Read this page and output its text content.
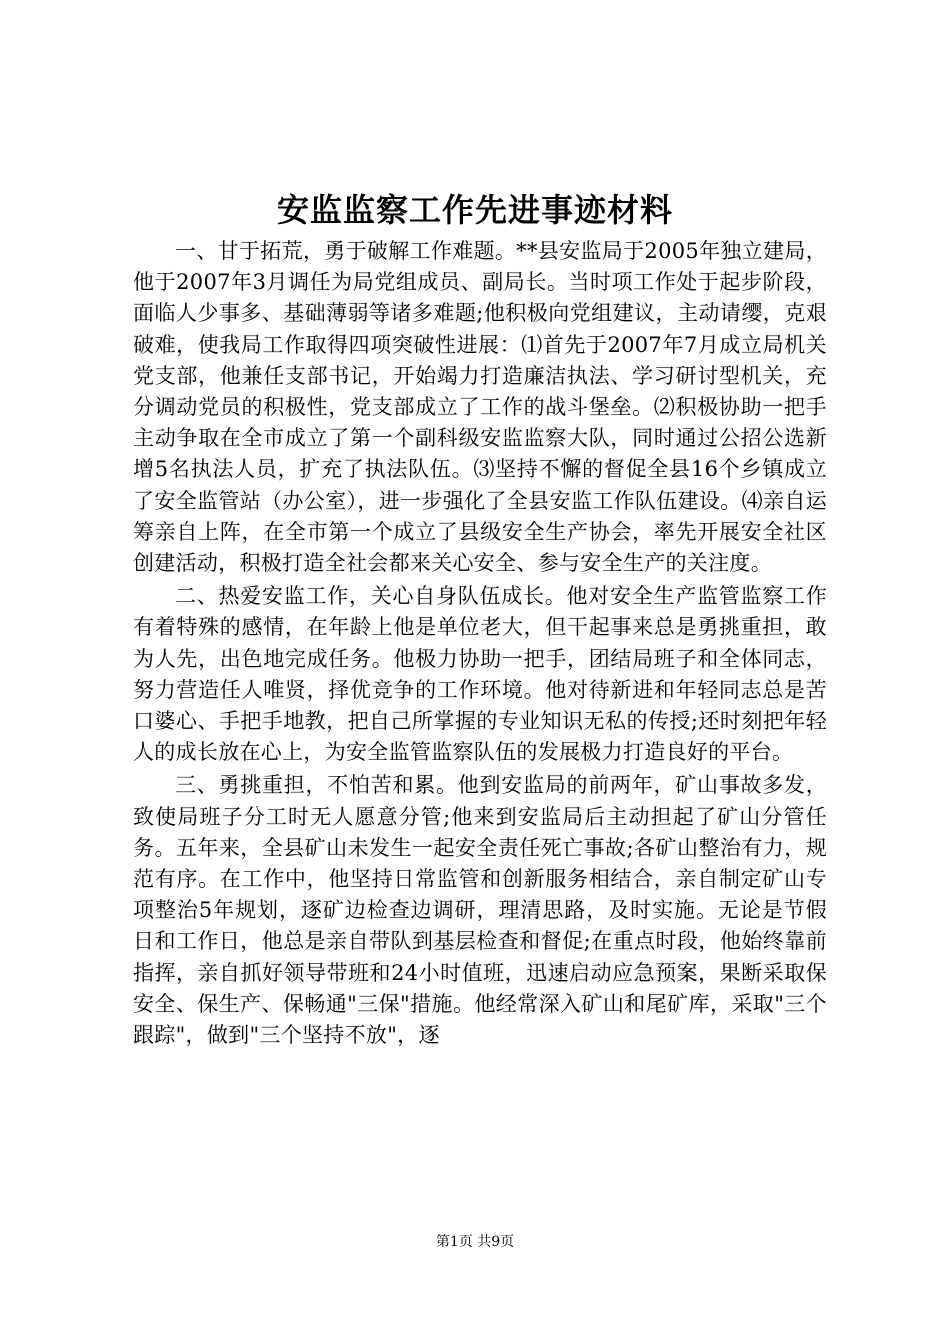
安监监察工作先进事迹材料

一、甘于拓荒，勇于破解工作难题。**县安监局于2005年独立建局，他于2007年3月调任为局党组成员、副局长。当时项工作处于起步阶段，面临人少事多、基础薄弱等诸多难题;他积极向党组建议，主动请缨，克艰破难，使我局工作取得四项突破性进展：⑴首先于2007年7月成立局机关党支部，他兼任支部书记，开始竭力打造廉洁执法、学习研讨型机关，充分调动党员的积极性，党支部成立了工作的战斗堡垒。⑵积极协助一把手主动争取在全市成立了第一个副科级安监监察大队，同时通过公招公选新增5名执法人员，扩充了执法队伍。⑶坚持不懈的督促全县16个乡镇成立了安全监管站（办公室），进一步强化了全县安监工作队伍建设。⑷亲自运筹亲自上阵，在全市第一个成立了县级安全生产协会，率先开展安全社区创建活动，积极打造全社会都来关心安全、参与安全生产的关注度。

二、热爱安监工作，关心自身队伍成长。他对安全生产监管监察工作有着特殊的感情，在年龄上他是单位老大，但干起事来总是勇挑重担，敢为人先，出色地完成任务。他极力协助一把手，团结局班子和全体同志，努力营造任人唯贤，择优竞争的工作环境。他对待新进和年轻同志总是苦口婆心、手把手地教，把自己所掌握的专业知识无私的传授;还时刻把年轻人的成长放在心上，为安全监管监察队伍的发展极力打造良好的平台。

三、勇挑重担，不怕苦和累。他到安监局的前两年，矿山事故多发，致使局班子分工时无人愿意分管;他来到安监局后主动担起了矿山分管任务。五年来，全县矿山未发生一起安全责任死亡事故;各矿山整治有力，规范有序。在工作中，他坚持日常监管和创新服务相结合，亲自制定矿山专项整治5年规划，逐矿边检查边调研，理清思路，及时实施。无论是节假日和工作日，他总是亲自带队到基层检查和督促;在重点时段，他始终靠前指挥，亲自抓好领导带班和24小时值班，迅速启动应急预案，果断采取保安全、保生产、保畅通"三保"措施。他经常深入矿山和尾矿库，采取"三个跟踪"，做到"三个坚持不放"，逐

第1页 共9页
